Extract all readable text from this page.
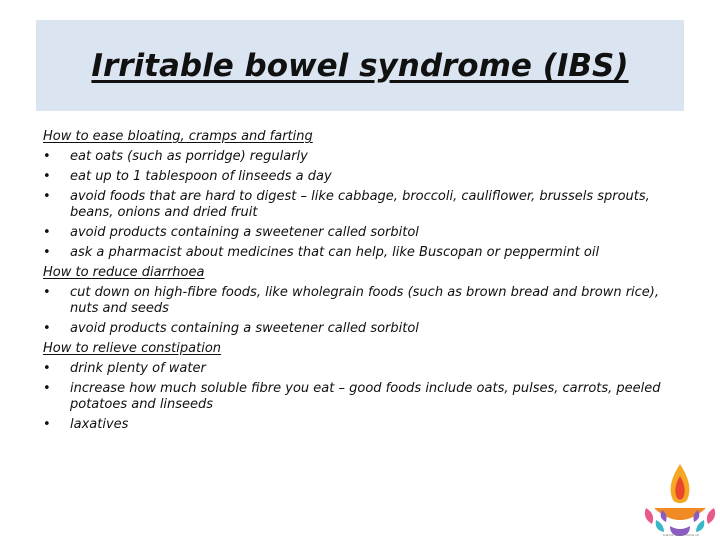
Irritable bowel syndrome (IBS)
How to ease bloating, cramps and farting
• eat oats (such as porridge) regularly
• eat up to 1 tablespoon of linseeds a day
• avoid foods that are hard to digest – like cabbage, broccoli, cauliflower, brussels sprouts, beans, onions and dried fruit
• avoid products containing a sweetener called sorbitol
• ask a pharmacist about medicines that can help, like Buscopan or peppermint oil
How to reduce diarrhoea
• cut down on high-fibre foods, like wholegrain foods (such as brown bread and brown rice), nuts and seeds
• avoid products containing a sweetener called sorbitol
How to relieve constipation
• drink plenty of water
• increase how much soluble fibre you eat – good foods include oats, pulses, carrots, peeled potatoes and linseeds
• laxatives
THE PATIENTS' VOICE UK
